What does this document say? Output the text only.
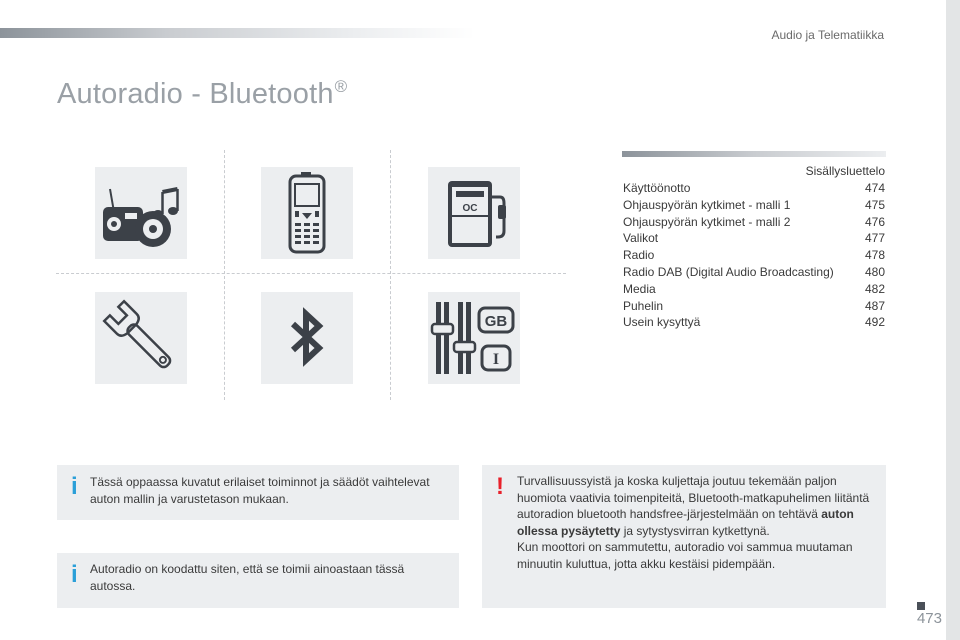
Audio ja Telematiikka
Autoradio - Bluetooth®
OC
GB
I
Sisällysluettelo
Käyttöönotto	474
Ohjauspyörän kytkimet - malli 1	475
Ohjauspyörän kytkimet - malli 2	476
Valikot	477
Radio	478
Radio DAB (Digital Audio Broadcasting)	480
Media	482
Puhelin	487
Usein kysyttyä	492
i Tässä oppaassa kuvatut erilaiset toiminnot ja säädöt vaihtelevat auton mallin ja varustetason mukaan.
i Autoradio on koodattu siten, että se toimii ainoastaan tässä autossa.
! Turvallisuussyistä ja koska kuljettaja joutuu tekemään paljon huomiota vaativia toimenpiteitä, Bluetooth-matkapuhelimen liitäntä autoradion bluetooth handsfree-järjestelmään on tehtävä auton ollessa pysäytetty ja sytystysvirran kytkettynä.
Kun moottori on sammutettu, autoradio voi sammua muutaman minuutin kuluttua, jotta akku kestäisi pidempään.
473
